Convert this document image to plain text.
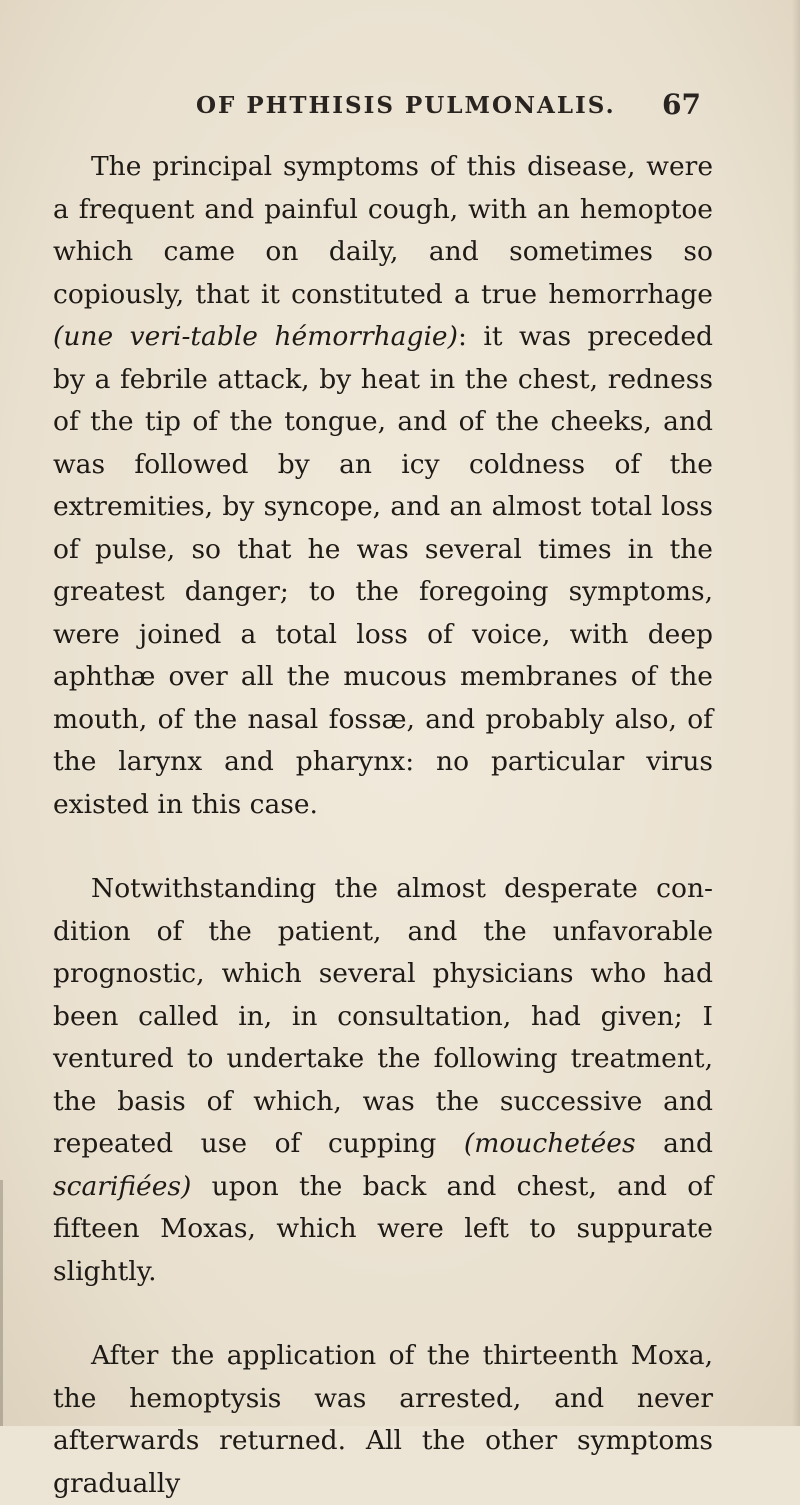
OF PHTHISIS PULMONALIS. 67

The principal symptoms of this disease, were a frequent and painful cough, with an hemoptoe which came on daily, and sometimes so copiously, that it constituted a true hemorrhage (une veri-table hémorrhagie): it was preceded by a febrile attack, by heat in the chest, redness of the tip of the tongue, and of the cheeks, and was followed by an icy coldness of the extremities, by syncope, and an almost total loss of pulse, so that he was several times in the greatest danger; to the foregoing symptoms, were joined a total loss of voice, with deep aphthæ over all the mucous membranes of the mouth, of the nasal fossæ, and probably also, of the larynx and pharynx: no particular virus existed in this case.

Notwithstanding the almost desperate con-dition of the patient, and the unfavorable prognostic, which several physicians who had been called in, in consultation, had given; I ventured to undertake the following treatment, the basis of which, was the successive and repeated use of cupping (mouchetées and scarifiées) upon the back and chest, and of fifteen Moxas, which were left to suppurate slightly.

After the application of the thirteenth Moxa, the hemoptysis was arrested, and never afterwards returned. All the other symptoms gradually
